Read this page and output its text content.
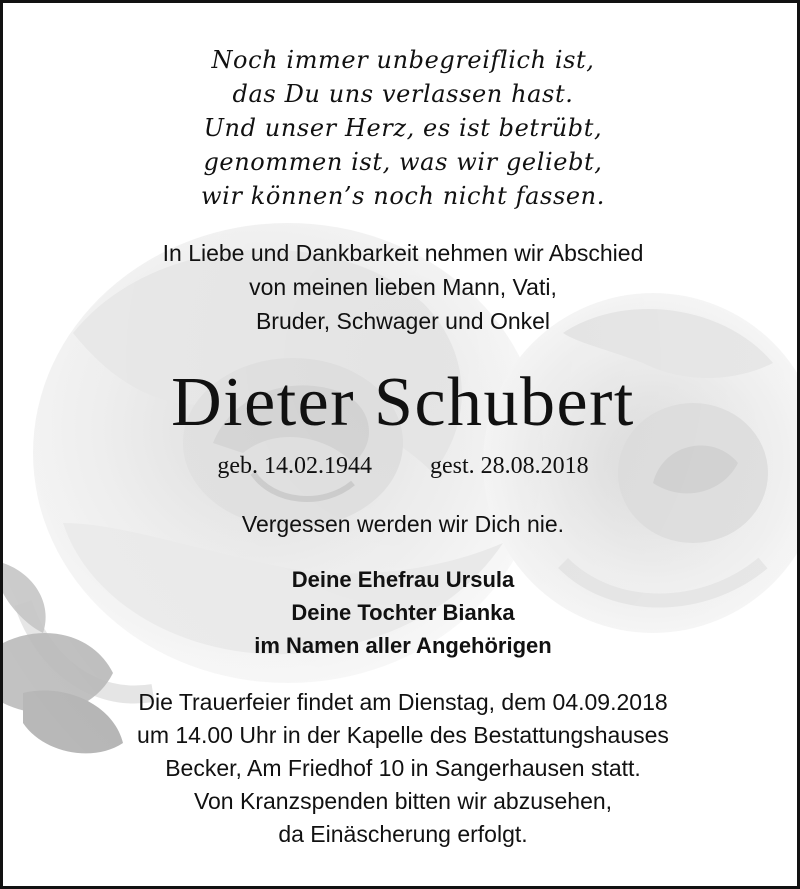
Noch immer unbegreiflich ist,
das Du uns verlassen hast.
Und unser Herz, es ist betrübt,
genommen ist, was wir geliebt,
wir können’s noch nicht fassen.
In Liebe und Dankbarkeit nehmen wir Abschied
von meinen lieben Mann, Vati,
Bruder, Schwager und Onkel
Dieter Schubert
geb. 14.02.1944 gest. 28.08.2018
Vergessen werden wir Dich nie.
Deine Ehefrau Ursula
Deine Tochter Bianka
im Namen aller Angehörigen
Die Trauerfeier findet am Dienstag, dem 04.09.2018
um 14.00 Uhr in der Kapelle des Bestattungshauses
Becker, Am Friedhof 10 in Sangerhausen statt.
Von Kranzspenden bitten wir abzusehen,
da Einäscherung erfolgt.
